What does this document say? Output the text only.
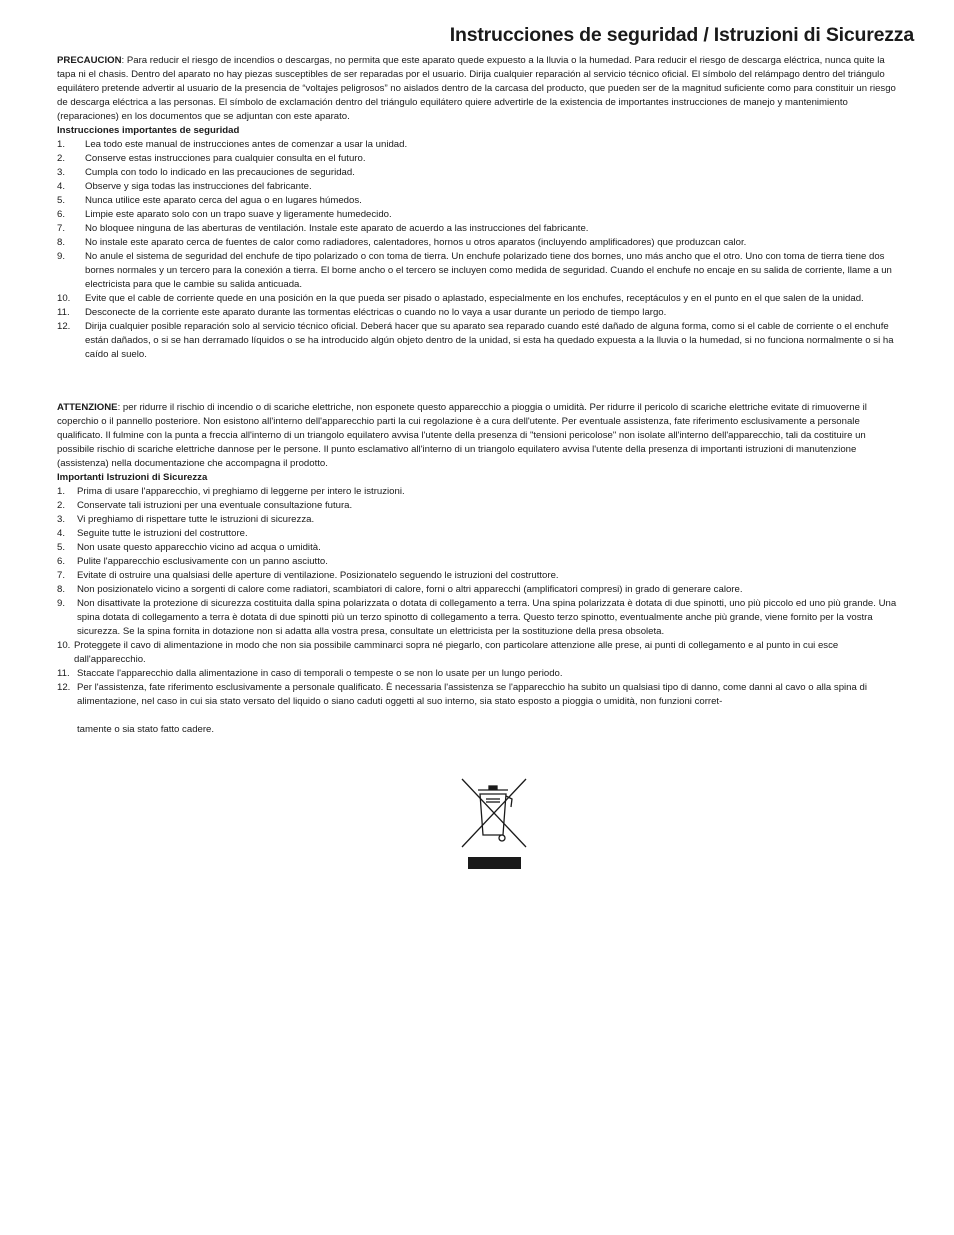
Instrucciones de seguridad / Istruzioni di Sicurezza

PRECAUCION: Para reducir el riesgo de incendios o descargas, no permita que este aparato quede expuesto a la lluvia o la humedad. Para reducir el riesgo de descarga eléctrica, nunca quite la tapa ni el chasis. Dentro del aparato no hay piezas susceptibles de ser reparadas por el usuario. Dirija cualquier reparación al servicio técnico oficial. El símbolo del relámpago dentro del triángulo equilátero pretende advertir al usuario de la presencia de “voltajes peligrosos” no aislados dentro de la carcasa del producto, que pueden ser de la magnitud suficiente como para constituir un riesgo de descarga eléctrica a las personas. El símbolo de exclamación dentro del triángulo equilátero quiere advertirle de la existencia de importantes instrucciones de manejo y mantenimiento (reparaciones) en los documentos que se adjuntan con este aparato.

Instrucciones importantes de seguridad

1. Lea todo este manual de instrucciones antes de comenzar a usar la unidad.
2. Conserve estas instrucciones para cualquier consulta en el futuro.
3. Cumpla con todo lo indicado en las precauciones de seguridad.
4. Observe y siga todas las instrucciones del fabricante.
5. Nunca utilice este aparato cerca del agua o en lugares húmedos.
6. Limpie este aparato solo con un trapo suave y ligeramente humedecido.
7. No bloquee ninguna de las aberturas de ventilación. Instale este aparato de acuerdo a las instrucciones del fabricante.
8. No instale este aparato cerca de fuentes de calor como radiadores, calentadores, hornos u otros aparatos (incluyendo amplificadores) que produzcan calor.
9. No anule el sistema de seguridad del enchufe de tipo polarizado o con toma de tierra. Un enchufe polarizado tiene dos bornes, uno más ancho que el otro. Uno con toma de tierra tiene dos bornes normales y un tercero para la conexión a tierra. El borne ancho o el tercero se incluyen como medida de seguridad. Cuando el enchufe no encaje en su salida de corriente, llame a un electricista para que le cambie su salida anticuada.
10. Evite que el cable de corriente quede en una posición en la que pueda ser pisado o aplastado, especialmente en los enchufes, receptáculos y en el punto en el que salen de la unidad.
11. Desconecte de la corriente este aparato durante las tormentas eléctricas o cuando no lo vaya a usar durante un periodo de tiempo largo.
12. Dirija cualquier posible reparación solo al servicio técnico oficial. Deberá hacer que su aparato sea reparado cuando esté dañado de alguna forma, como si el cable de corriente o el enchufe están dañados, o si se han derramado líquidos o se ha introducido algún objeto dentro de la unidad, si esta ha quedado expuesta a la lluvia o la humedad, si no funciona normalmente o si ha caído al suelo.

ATTENZIONE: per ridurre il rischio di incendio o di scariche elettriche, non esponete questo apparecchio a pioggia o umidità. Per ridurre il pericolo di scariche elettriche evitate di rimuoverne il coperchio o il pannello posteriore. Non esistono all'interno dell'apparecchio parti la cui regolazione è a cura dell'utente. Per eventuale assistenza, fate riferimento esclusivamente a personale qualificato. Il fulmine con la punta a freccia all'interno di un triangolo equilatero avvisa l'utente della presenza di "tensioni pericolose" non isolate all'interno dell'apparecchio, tali da costituire un possibile rischio di scariche elettriche dannose per le persone. Il punto esclamativo all'interno di un triangolo equilatero avvisa l'utente della presenza di importanti istruzioni di manutenzione (assistenza) nella documentazione che accompagna il prodotto.

Importanti Istruzioni di Sicurezza

1. Prima di usare l'apparecchio, vi preghiamo di leggerne per intero le istruzioni.
2. Conservate tali istruzioni per una eventuale consultazione futura.
3. Vi preghiamo di rispettare tutte le istruzioni di sicurezza.
4. Seguite tutte le istruzioni del costruttore.
5. Non usate questo apparecchio vicino ad acqua o umidità.
6. Pulite l'apparecchio esclusivamente con un panno asciutto.
7. Evitate di ostruire una qualsiasi delle aperture di ventilazione. Posizionatelo seguendo le istruzioni del costruttore.
8. Non posizionatelo vicino a sorgenti di calore come radiatori, scambiatori di calore, forni o altri apparecchi (amplificatori compresi) in grado di generare calore.
9. Non disattivate la protezione di sicurezza costituita dalla spina polarizzata o dotata di collegamento a terra. Una spina polarizzata è dotata di due spinotti, uno più piccolo ed uno più grande. Una spina dotata di collegamento a terra è dotata di due spinotti più un terzo spinotto di collegamento a terra. Questo terzo spinotto, eventualmente anche più grande, viene fornito per la vostra sicurezza. Se la spina fornita in dotazione non si adatta alla vostra presa, consultate un elettricista per la sostituzione della presa obsoleta.
10. Proteggete il cavo di alimentazione in modo che non sia possibile camminarci sopra né piegarlo, con particolare attenzione alle prese, ai punti di collegamento e al punto in cui esce dall'apparecchio.
11. Staccate l'apparecchio dalla alimentazione in caso di temporali o tempeste o se non lo usate per un lungo periodo.
12. Per l'assistenza, fate riferimento esclusivamente a personale qualificato. È necessaria l'assistenza se l'apparecchio ha subito un qualsiasi tipo di danno, come danni al cavo o alla spina di alimentazione, nel caso in cui sia stato versato del liquido o siano caduti oggetti al suo interno, sia stato esposto a pioggia o umidità, non funzioni corret-

tamente o sia stato fatto cadere.
